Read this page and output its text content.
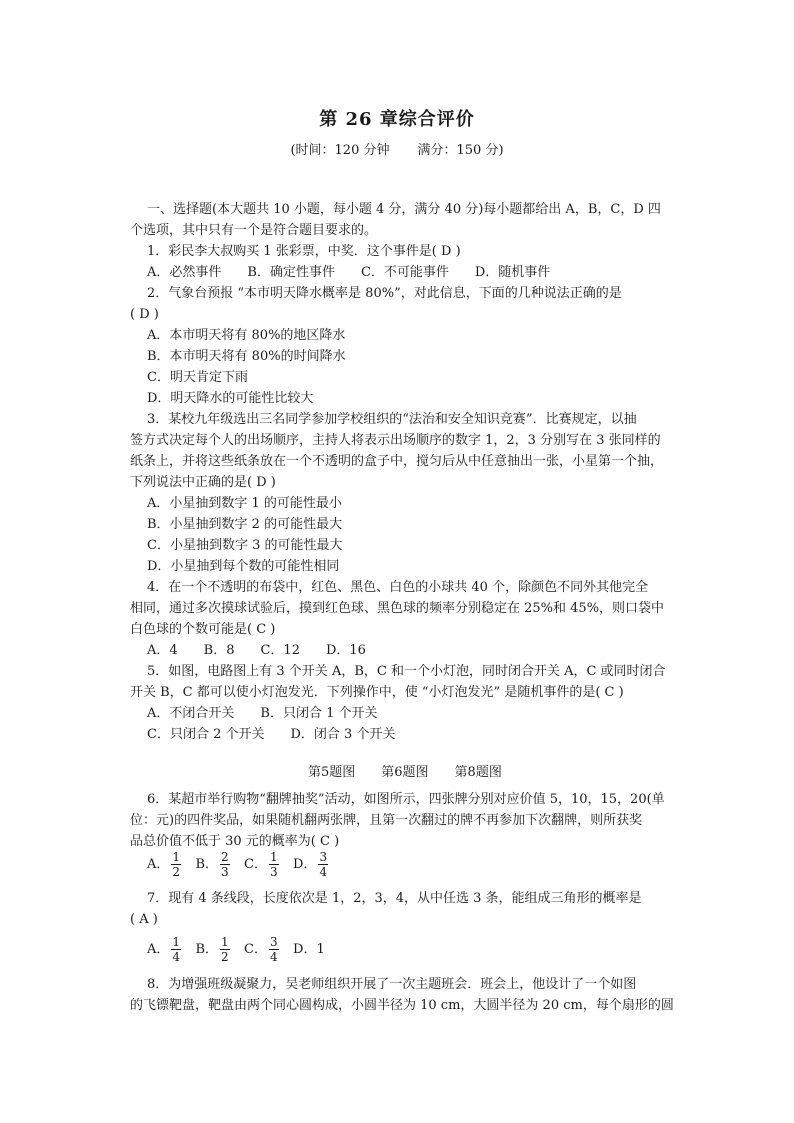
第 26 章综合评价
(时间：120 分钟 满分：150 分)
一、选择题(本大题共 10 小题，每小题 4 分，满分 40 分)每小题都给出 A，B，C，D 四
个选项，其中只有一个是符合题目要求的。
1．彩民李大叔购买 1 张彩票，中奖．这个事件是( D )
A．必然事件　　B．确定性事件　　C．不可能事件　　D．随机事件
2．气象台预报 “本市明天降水概率是 80%”，对此信息，下面的几种说法正确的是
( D )
A．本市明天将有 80%的地区降水
B．本市明天将有 80%的时间降水
C．明天肯定下雨
D．明天降水的可能性比较大
3．某校九年级选出三名同学参加学校组织的“法治和安全知识竞赛”．比赛规定，以抽
签方式决定每个人的出场顺序，主持人将表示出场顺序的数字 1，2，3 分别写在 3 张同样的
纸条上，并将这些纸条放在一个不透明的盒子中，搅匀后从中任意抽出一张，小星第一个抽，
下列说法中正确的是( D )
A．小星抽到数字 1 的可能性最小
B．小星抽到数字 2 的可能性最大
C．小星抽到数字 3 的可能性最大
D．小星抽到每个数的可能性相同
4．在一个不透明的布袋中，红色、黑色、白色的小球共 40 个，除颜色不同外其他完全
相同，通过多次摸球试验后，摸到红色球、黑色球的频率分别稳定在 25%和 45%，则口袋中
白色球的个数可能是( C )
A．4　　B．8　　C．12　　D．16
5．如图，电路图上有 3 个开关 A，B，C 和一个小灯泡，同时闭合开关 A，C 或同时闭合
开关 B，C 都可以使小灯泡发光．下列操作中，使 “小灯泡发光” 是随机事件的是( C )
A．不闭合开关　　B．只闭合 1 个开关
C．只闭合 2 个开关　　D．闭合 3 个开关
第5题图　　第6题图　　第8题图
6．某超市举行购物“翻牌抽奖”活动，如图所示，四张牌分别对应价值 5，10，15，20(单
位：元)的四件奖品，如果随机翻两张牌，且第一次翻过的牌不再参加下次翻牌，则所获奖
品总价值不低于 30 元的概率为( C )
A． $\frac{1}{2}$ B． $\frac{2}{3}$ C． $\frac{1}{3}$ D． $\frac{3}{4}$
7．现有 4 条线段，长度依次是 1，2，3，4，从中任选 3 条，能组成三角形的概率是
( A )
A． $\frac{1}{4}$ B． $\frac{1}{2}$ C． $\frac{3}{4}$ D．1
8．为增强班级凝聚力，吴老师组织开展了一次主题班会．班会上，他设计了一个如图
的飞镖靶盘，靶盘由两个同心圆构成，小圆半径为 10 cm，大圆半径为 20 cm，每个扇形的圆
